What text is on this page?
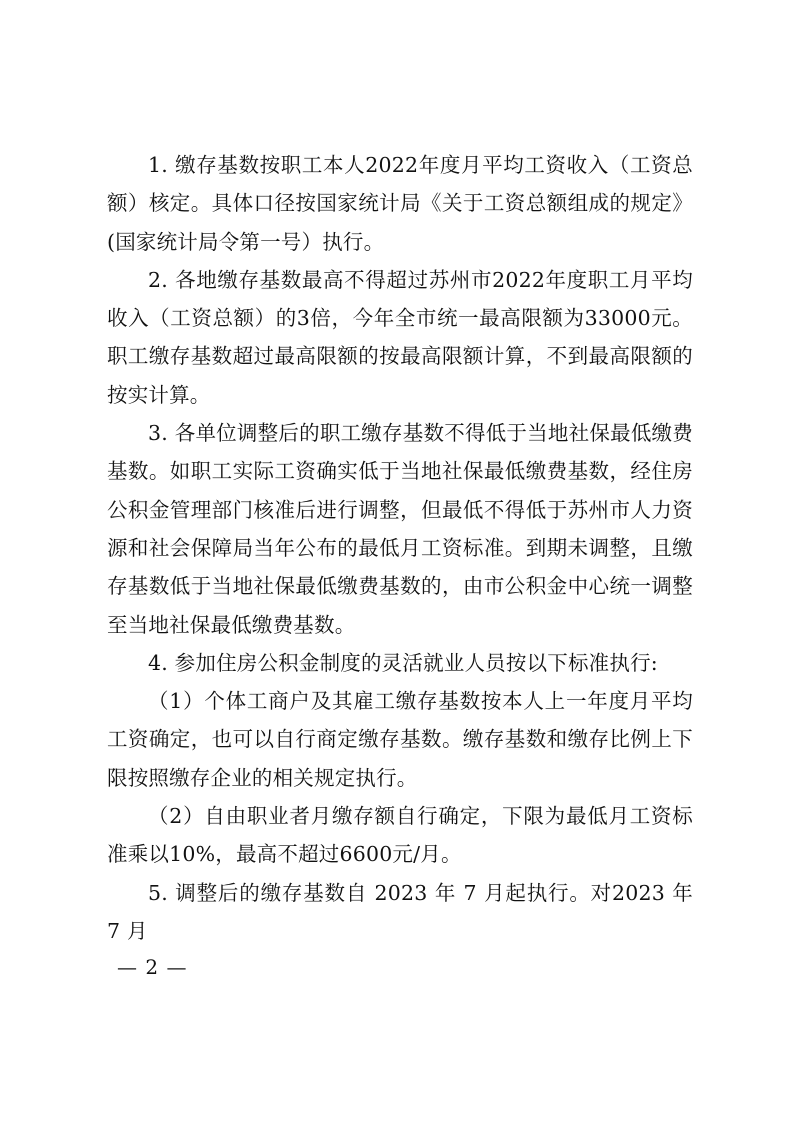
1. 缴存基数按职工本人2022年度月平均工资收入（工资总额）核定。具体口径按国家统计局《关于工资总额组成的规定》(国家统计局令第一号）执行。

2. 各地缴存基数最高不得超过苏州市2022年度职工月平均收入（工资总额）的3倍，今年全市统一最高限额为33000元。职工缴存基数超过最高限额的按最高限额计算，不到最高限额的按实计算。

3. 各单位调整后的职工缴存基数不得低于当地社保最低缴费基数。如职工实际工资确实低于当地社保最低缴费基数，经住房公积金管理部门核准后进行调整，但最低不得低于苏州市人力资源和社会保障局当年公布的最低月工资标准。到期未调整，且缴存基数低于当地社保最低缴费基数的，由市公积金中心统一调整至当地社保最低缴费基数。

4. 参加住房公积金制度的灵活就业人员按以下标准执行:

（1）个体工商户及其雇工缴存基数按本人上一年度月平均工资确定，也可以自行商定缴存基数。缴存基数和缴存比例上下限按照缴存企业的相关规定执行。

（2）自由职业者月缴存额自行确定，下限为最低月工资标准乘以10%，最高不超过6600元/月。

5. 调整后的缴存基数自 2023 年 7 月起执行。对2023 年 7 月

— 2 —
